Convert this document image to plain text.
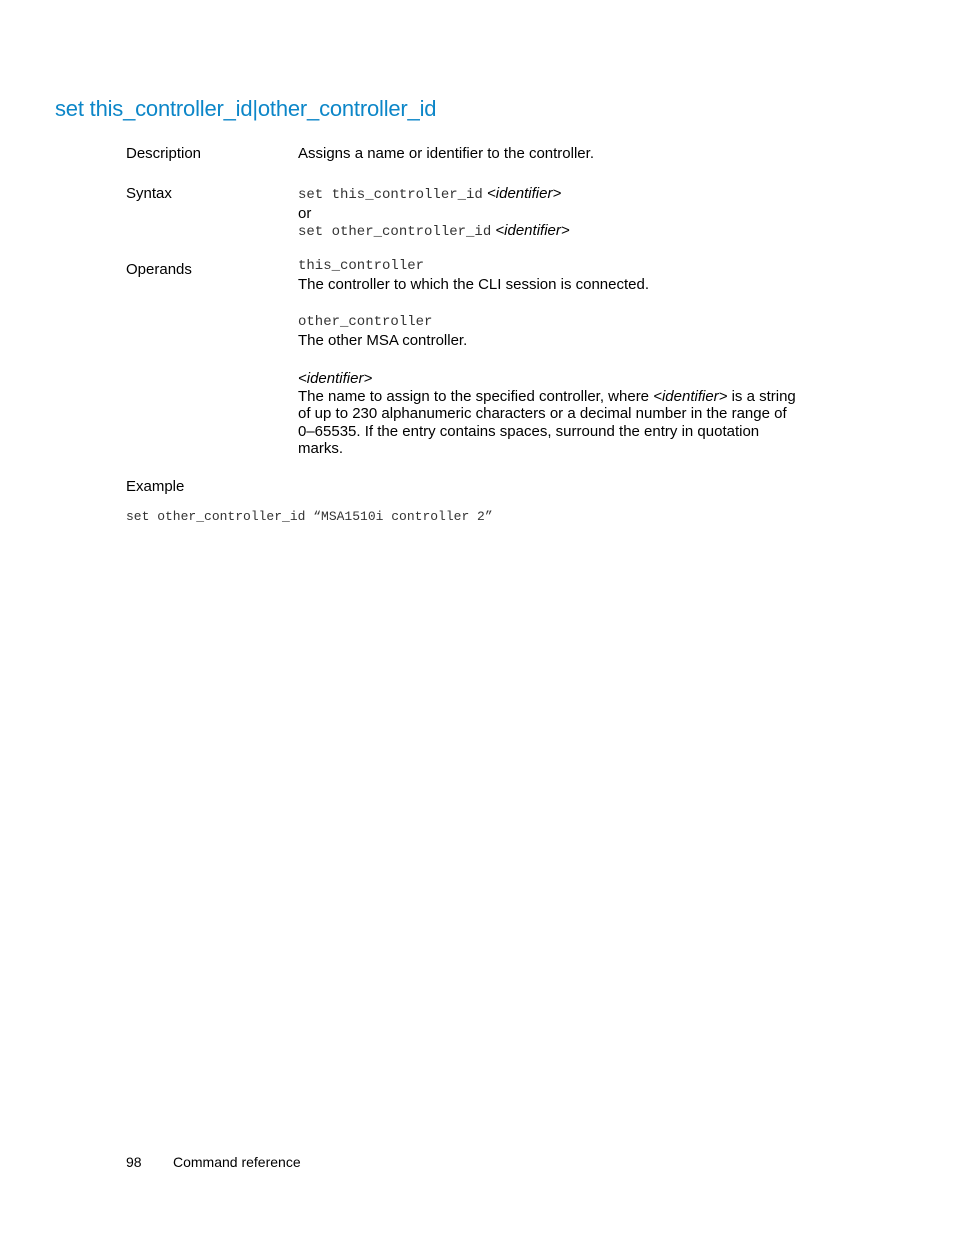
set this_controller_id|other_controller_id
Description	Assigns a name or identifier to the controller.
Syntax	set this_controller_id <identifier>
or
set other_controller_id <identifier>
Operands	this_controller
The controller to which the CLI session is connected.
other_controller
The other MSA controller.
<identifier>
The name to assign to the specified controller, where <identifier> is a string of up to 230 alphanumeric characters or a decimal number in the range of 0–65535. If the entry contains spaces, surround the entry in quotation marks.
Example
set other_controller_id “MSA1510i controller 2”
98 Command reference
